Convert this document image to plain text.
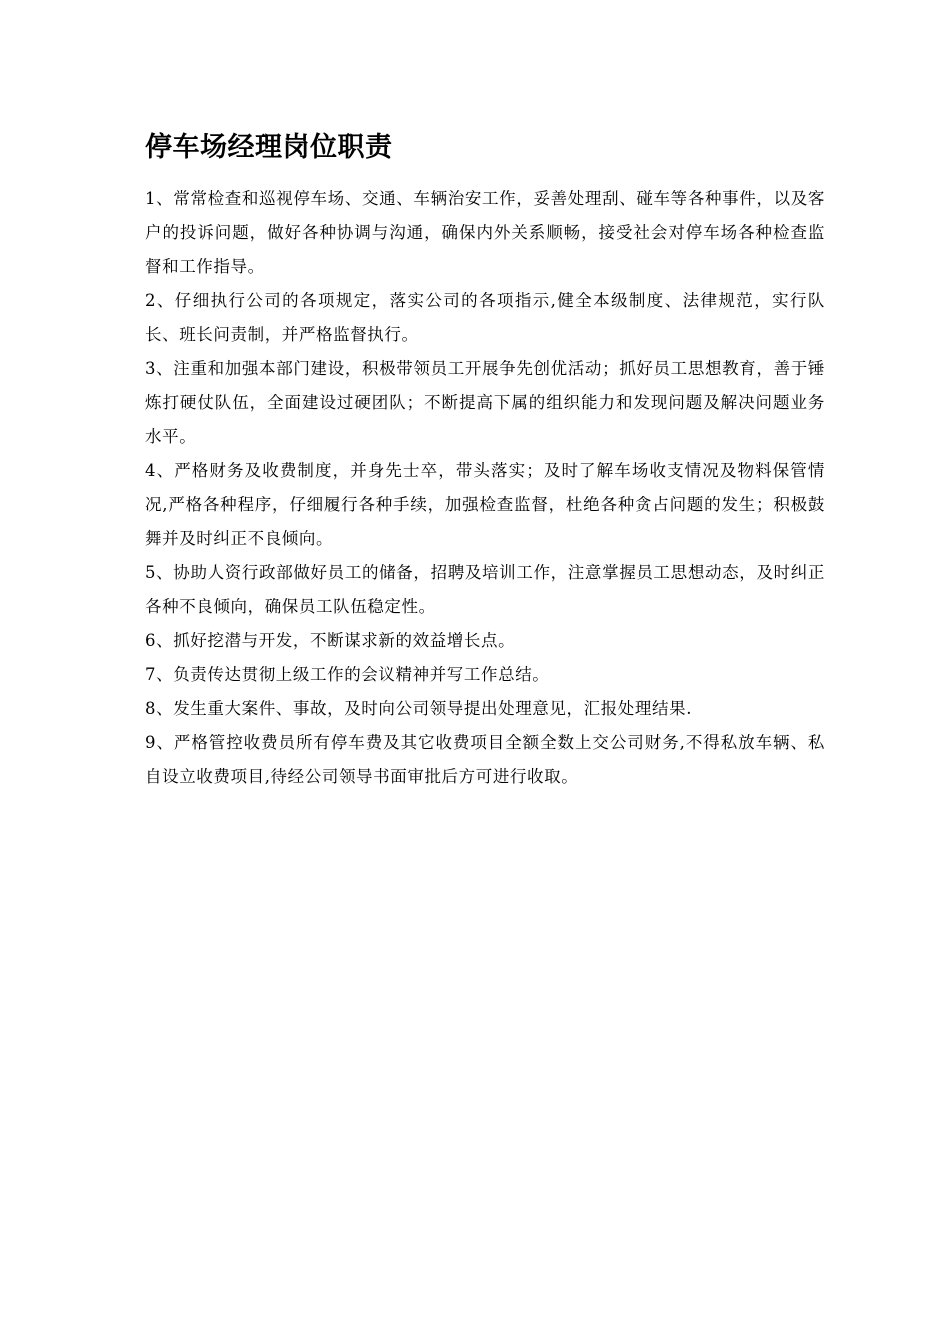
停车场经理岗位职责

1、常常检查和巡视停车场、交通、车辆治安工作，妥善处理刮、碰车等各种事件，以及客户的投诉问题，做好各种协调与沟通，确保内外关系顺畅，接受社会对停车场各种检查监督和工作指导。

2、仔细执行公司的各项规定，落实公司的各项指示,健全本级制度、法律规范，实行队长、班长问责制，并严格监督执行。

3、注重和加强本部门建设，积极带领员工开展争先创优活动；抓好员工思想教育，善于锤炼打硬仗队伍，全面建设过硬团队；不断提高下属的组织能力和发现问题及解决问题业务水平。

4、严格财务及收费制度，并身先士卒，带头落实；及时了解车场收支情况及物料保管情况,严格各种程序，仔细履行各种手续，加强检查监督，杜绝各种贪占问题的发生；积极鼓舞并及时纠正不良倾向。

5、协助人资行政部做好员工的储备，招聘及培训工作，注意掌握员工思想动态，及时纠正各种不良倾向，确保员工队伍稳定性。

6、抓好挖潜与开发，不断谋求新的效益增长点。

7、负责传达贯彻上级工作的会议精神并写工作总结。

8、发生重大案件、事故，及时向公司领导提出处理意见，汇报处理结果.

9、严格管控收费员所有停车费及其它收费项目全额全数上交公司财务,不得私放车辆、私自设立收费项目,待经公司领导书面审批后方可进行收取。
